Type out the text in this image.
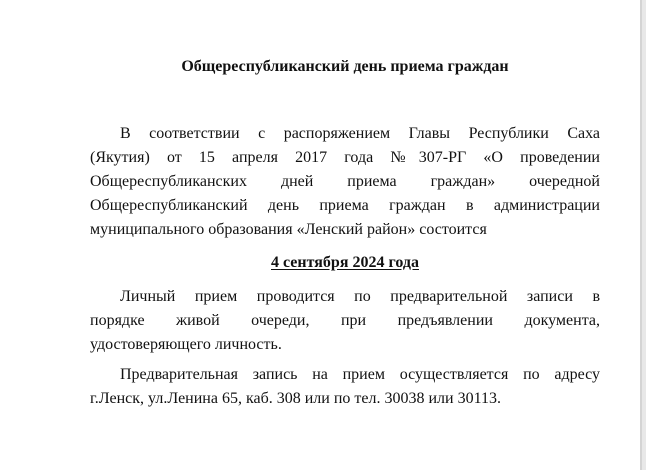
Общереспубликанский день приема граждан
В соответствии с распоряжением Главы Республики Саха
(Якутия) от 15 апреля 2017 года №307-РГ «О проведении
Общереспубликанских дней приема граждан» очередной
Общереспубликанский день приема граждан в администрации
муниципального образования «Ленский район» состоится
4 сентября 2024 года
Личный прием проводится по предварительной записи в
порядке живой очереди, при предъявлении документа,
удостоверяющего личность.
Предварительная запись на прием осуществляется по адресу
г.Ленск, ул.Ленина 65, каб. 308 или по тел. 30038 или 30113.
